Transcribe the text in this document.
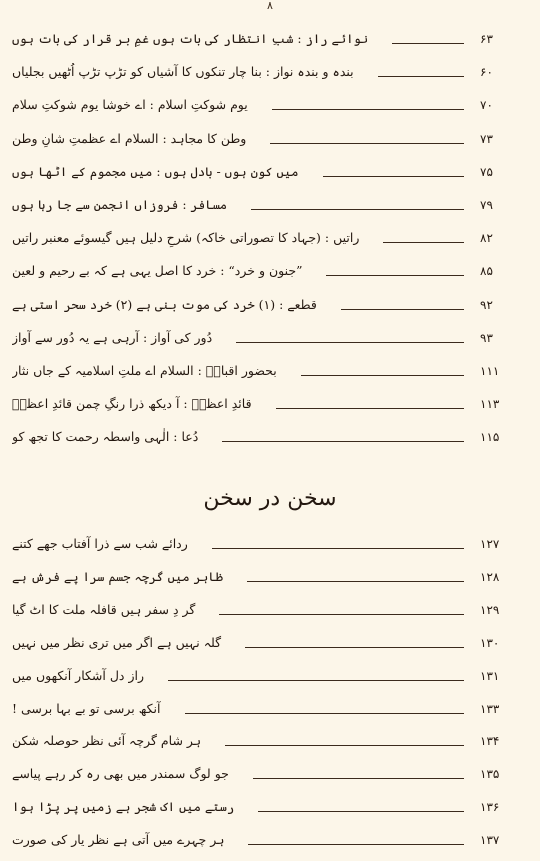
۸
نوائے راز : شبِ انتظار کی بات ہوں غمِ بر قرار کی بات ہوں	۶۳
بندہ و بندہ نواز : بنا چار تنکوں کا آشیاں کو تڑپ تڑپ اُٹھیں بجلیاں	۶۰
یوم شوکتِ اسلام : اے خوشا یوم شوکتِ سلام	۷۰
وطن کا مجاہد : السلام اے عظمتِ شانِ وطن	۷۳
میں کون ہوں - بادل ہوں : میں مجموم کے اٹھا ہوں	۷۵
مسافر : فروزاں انجمن سے جا رہا ہوں	۷۹
راتیں : (جہاد کا تصوراتی خاکہ) شرحِ دلیل ہیں گیسوئے معنبر راتیں	۸۲
”جنون و خرد“ : خرد کا اصل یہی ہے کہ بے رحیم و لعین	۸۵
قطعے : (۱) خرد کی موت بنی ہے (۲) خرد سحر استی ہے	۹۲
دُور کی آواز : آرہی ہے یہ دُور سے آواز	۹۳
بحضور اقبالؒ : السلام اے ملتِ اسلامیہ کے جاں نثار	۱۱۱
قائدِ اعظمؒ : آ دیکھ ذرا رنگِ چمن قائدِ اعظمؒ	۱۱۳
دُعا : الٰہی واسطہ رحمت کا تجھ کو	۱۱۵
ردائے شب سے ذرا آفتاب جھے کتنے	۱۲۷
ظاہر میں گرچہ جسم سرا پے فرش ہے	۱۲۸
گر دِ سفر ہیں قافلہ ملت کا اٹ گیا	۱۲۹
گلہ نہیں ہے اگر میں تری نظر میں نہیں	۱۳۰
راز دل آشکار آنکھوں میں	۱۳۱
آنکھ برسی تو بے بہا برسی !	۱۳۳
ہر شام گرچہ آئی نظر حوصلہ شکن	۱۳۴
جو لوگ سمندر میں بھی رہ کر رہے پیاسے	۱۳۵
رستے میں اک شجر ہے زمیں پر پڑا ہوا	۱۳۶
ہر چہرے میں آتی ہے نظر یار کی صورت	۱۳۷
سخن در سخن
